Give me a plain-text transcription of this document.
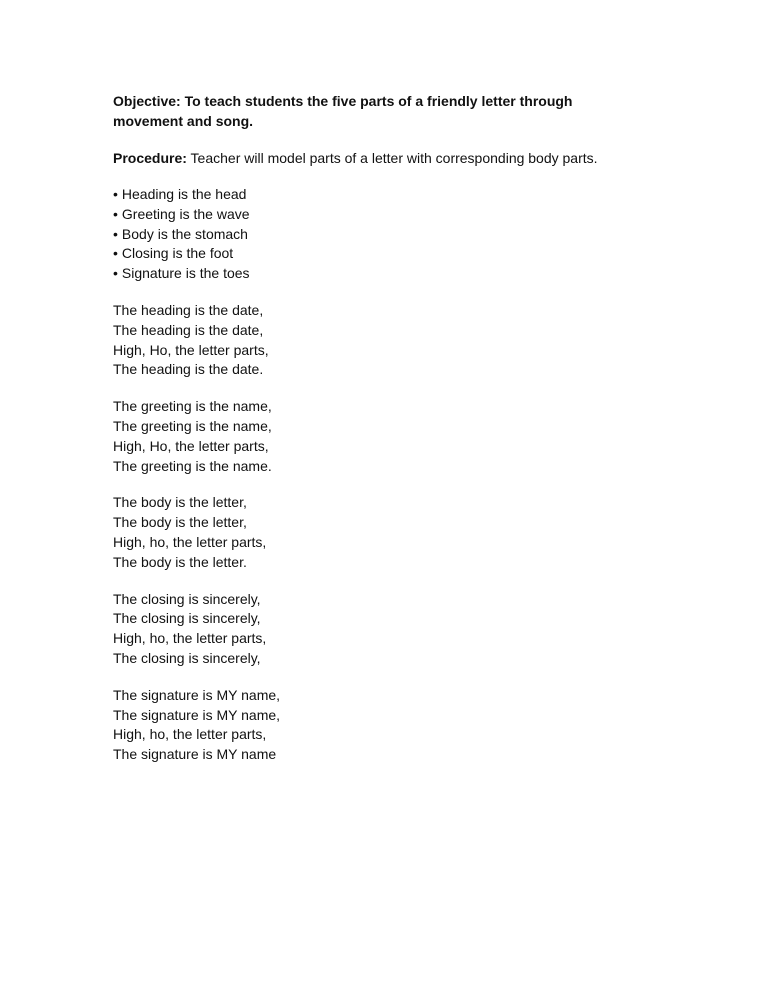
Objective: To teach students the five parts of a friendly letter through movement and song.

Procedure: Teacher will model parts of a letter with corresponding body parts.

• Heading is the head
• Greeting is the wave
• Body is the stomach
• Closing is the foot
• Signature is the toes
The heading is the date,
The heading is the date,
High, Ho, the letter parts,
The heading is the date.
The greeting is the name,
The greeting is the name,
High, Ho, the letter parts,
The greeting is the name.
The body is the letter,
The body is the letter,
High, ho, the letter parts,
The body is the letter.
The closing is sincerely,
The closing is sincerely,
High, ho, the letter parts,
The closing is sincerely,
The signature is MY name,
The signature is MY name,
High, ho, the letter parts,
The signature is MY name
